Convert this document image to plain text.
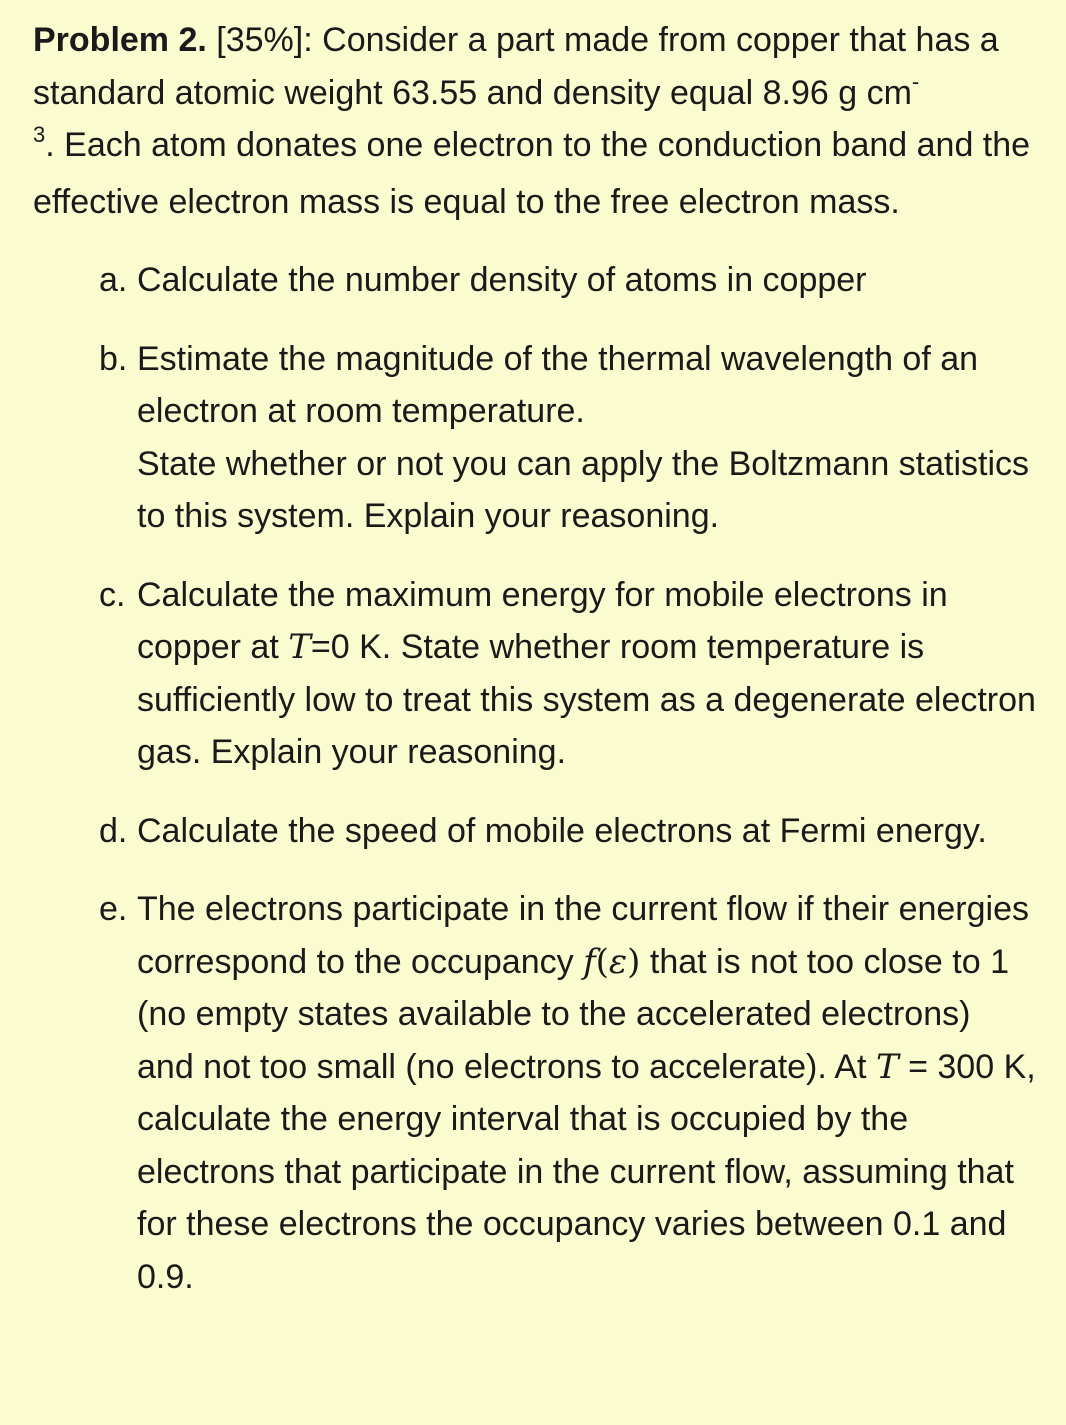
Problem 2. [35%]: Consider a part made from copper that has a standard atomic weight 63.55 and density equal 8.96 g cm-
$^3$. Each atom donates one electron to the conduction band and the effective electron mass is equal to the free electron mass.

a. Calculate the number density of atoms in copper

b. Estimate the magnitude of the thermal wavelength of an electron at room temperature.

State whether or not you can apply the Boltzmann statistics to this system. Explain your reasoning.

c. Calculate the maximum energy for mobile electrons in copper at T=0 K. State whether room temperature is sufficiently low to treat this system as a degenerate electron gas. Explain your reasoning.

d. Calculate the speed of mobile electrons at Fermi energy.

e. The electrons participate in the current flow if their energies correspond to the occupancy f(ε) that is not too close to 1 (no empty states available to the accelerated electrons) and not too small (no electrons to accelerate). At T = 300 K, calculate the energy interval that is occupied by the electrons that participate in the current flow, assuming that for these electrons the occupancy varies between 0.1 and 0.9.
